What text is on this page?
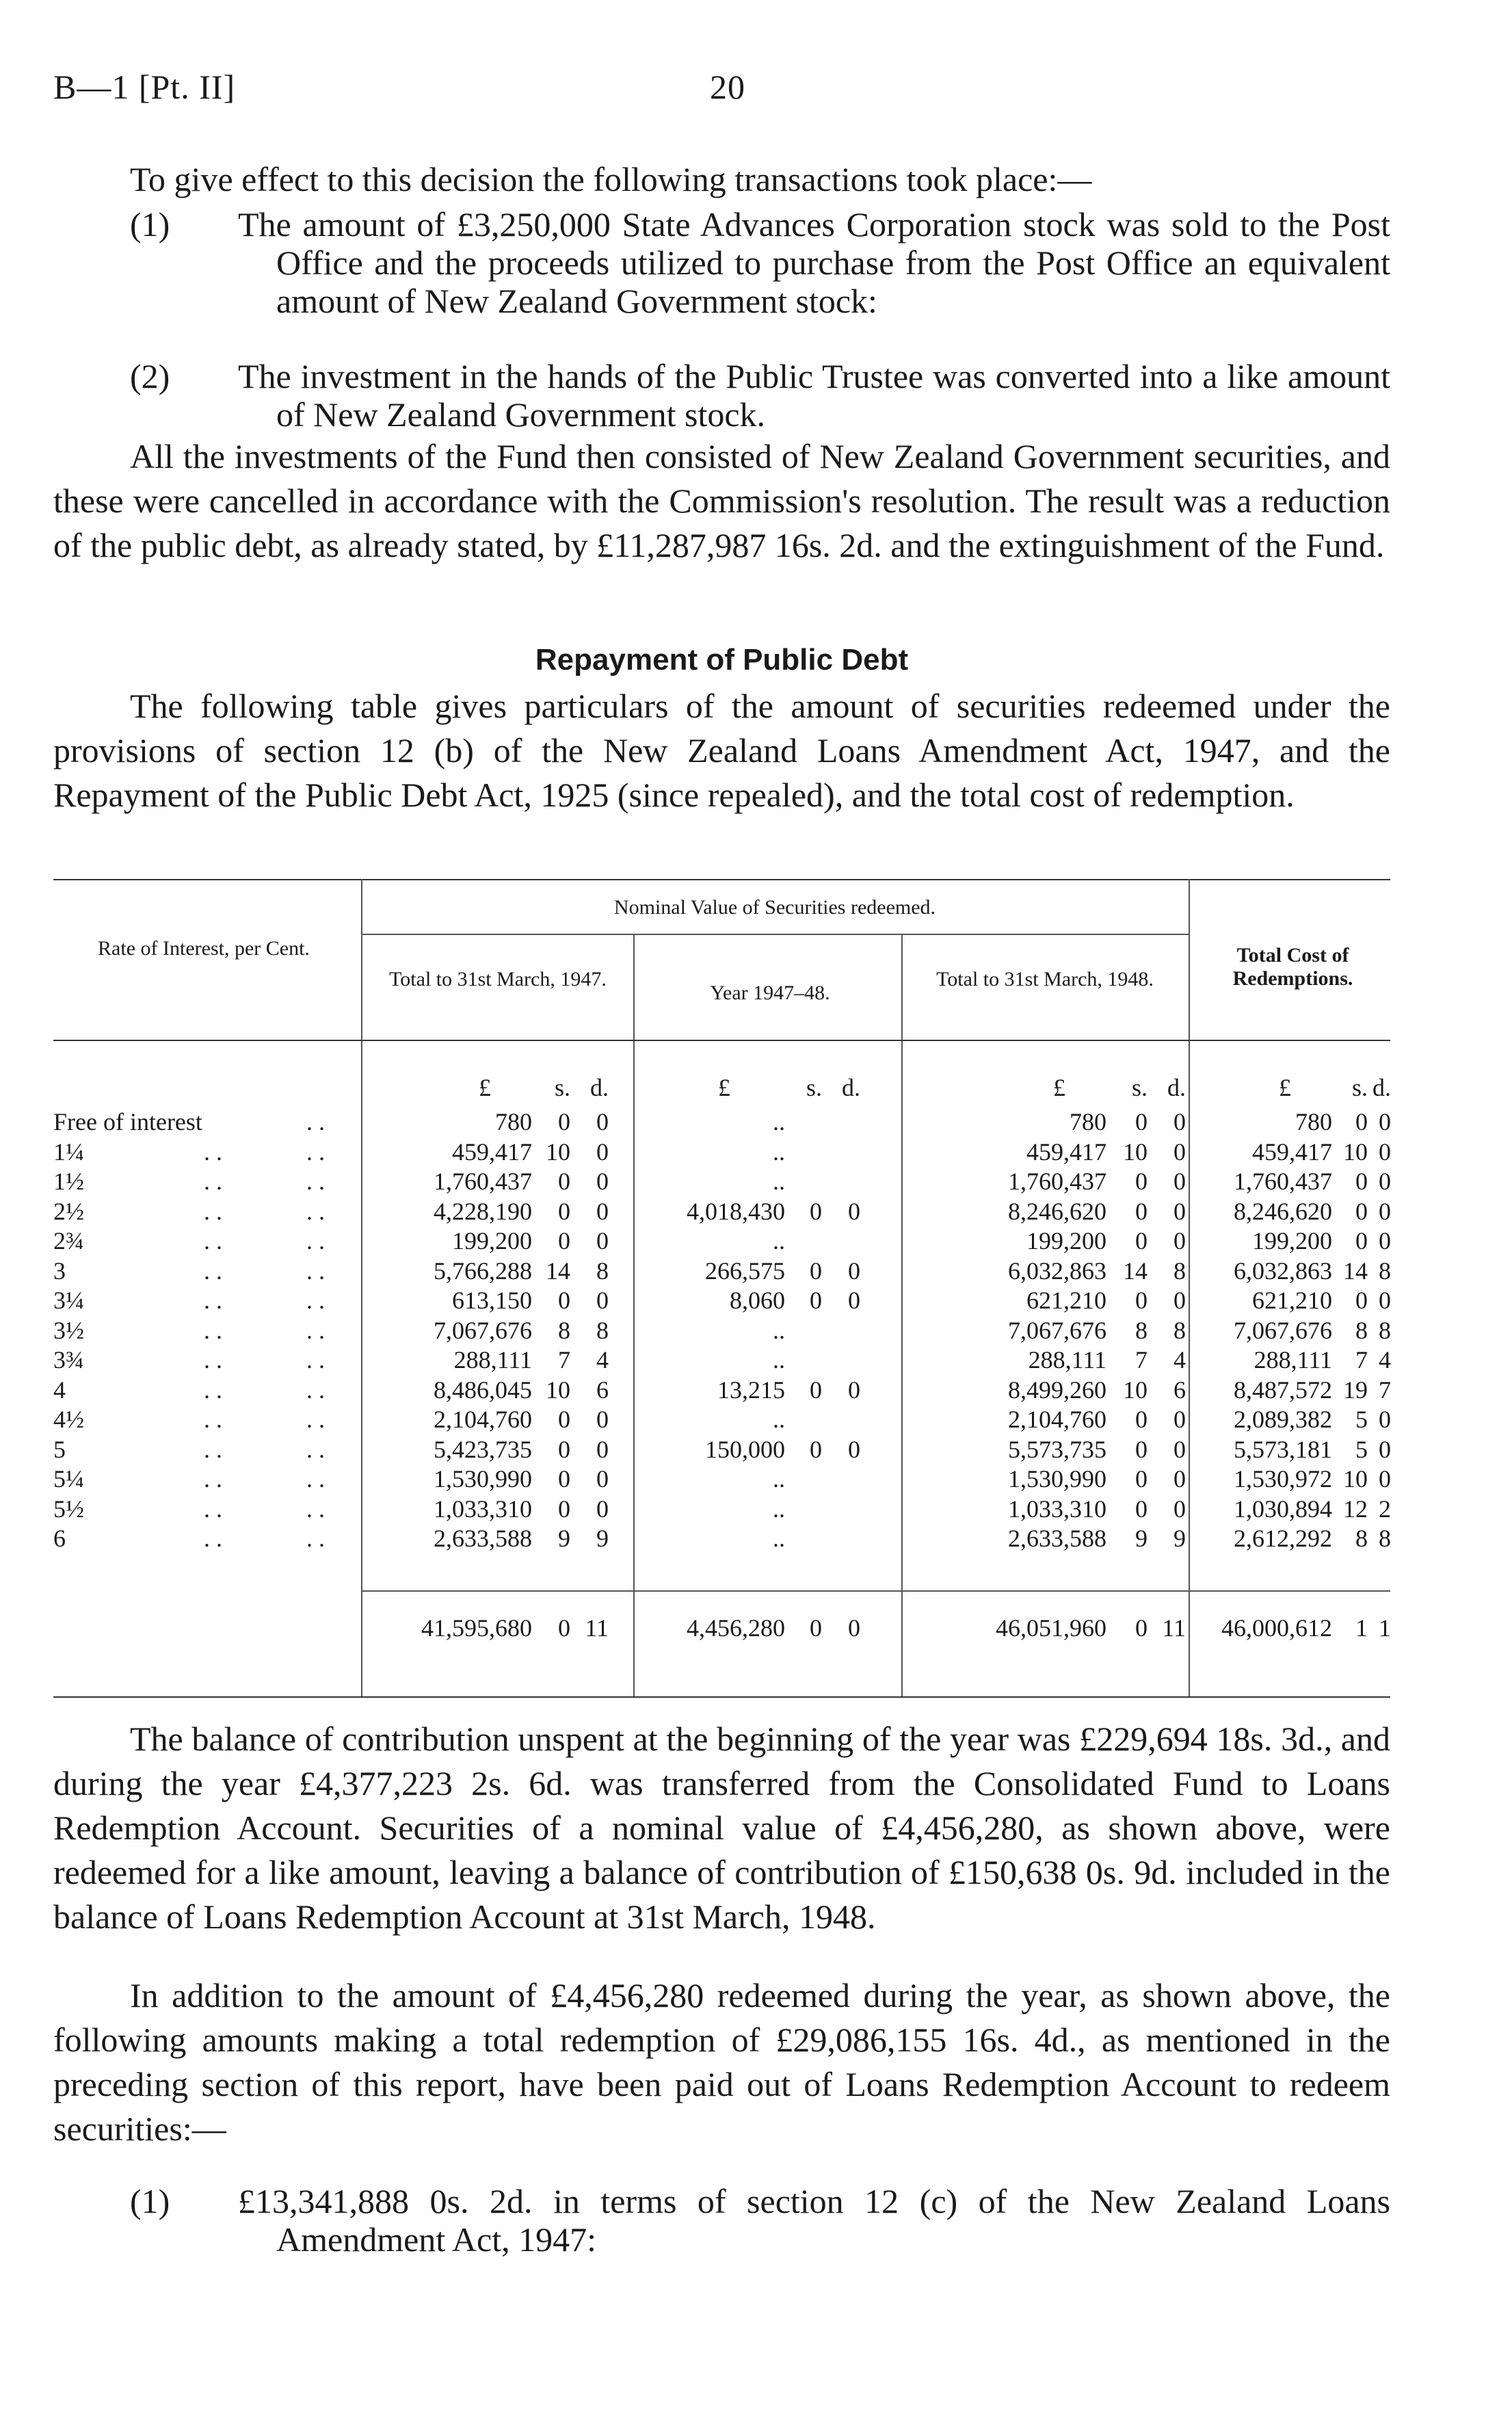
B—1 [Pt. II]	20

To give effect to this decision the following transactions took place:—

(1) The amount of £3,250,000 State Advances Corporation stock was sold to the Post Office and the proceeds utilized to purchase from the Post Office an equivalent amount of New Zealand Government stock:
(2) The investment in the hands of the Public Trustee was converted into a like amount of New Zealand Government stock.

All the investments of the Fund then consisted of New Zealand Government securities, and these were cancelled in accordance with the Commission's resolution. The result was a reduction of the public debt, as already stated, by £11,287,987 16s. 2d. and the extinguishment of the Fund.

Repayment of Public Debt

The following table gives particulars of the amount of securities redeemed under the provisions of section 12 (b) of the New Zealand Loans Amendment Act, 1947, and the Repayment of the Public Debt Act, 1925 (since repealed), and the total cost of redemption.

Rate of Interest, per Cent.
Nominal Value of Securities redeemed.
Total to 31st March, 1947.
Year 1947–48.
Total to 31st March, 1948.
Total Cost of Redemptions.
£	s. d.	£	s. d.	£	s. d.	£	s. d.
Free of interest	. .	780	0	0	..	780	0	0	780 0 0
1¼	. .	. .	459,417 10	0	..	459,417 10	0	459,417 10 0
1½	. .	. .	1,760,437	0	0	..	1,760,437	0	0	1,760,437 0 0
2½	. .	. .	4,228,190	0	0	4,018,430	0	0	8,246,620	0	0	8,246,620 0 0
2¾	. .	. .	199,200	0	0	..	199,200	0	0	199,200 0 0
3	. .	. .	5,766,288 14	8	266,575	0	0	6,032,863 14	8	6,032,863 14 8
3¼	. .	. .	613,150	0	0	8,060	0	0	621,210	0	0	621,210 0 0
3½	. .	. .	7,067,676	8	8	..	7,067,676	8	8	7,067,676 8 8
3¾	. .	. .	288,111	7	4	..	288,111	7	4	288,111 7 4
4	. .	. .	8,486,045 10	6	13,215	0	0	8,499,260 10	6	8,487,572 19 7
4½	. .	. .	2,104,760	0	0	..	2,104,760	0	0	2,089,382 5 0
5	. .	. .	5,423,735	0	0	150,000	0	0	5,573,735	0	0	5,573,181 5 0
5¼	. .	. .	1,530,990	0	0	..	1,530,990	0	0	1,530,972 10 0
5½	. .	. .	1,033,310	0	0	..	1,033,310	0	0	1,030,894 12 2
6	. .	. .	2,633,588	9	9	..	2,633,588	9	9	2,612,292 8 8
41,595,680	0 11	4,456,280	0	0	46,051,960	0 11 46,000,612 1 1

The balance of contribution unspent at the beginning of the year was £229,694 18s. 3d., and during the year £4,377,223 2s. 6d. was transferred from the Consolidated Fund to Loans Redemption Account. Securities of a nominal value of £4,456,280, as shown above, were redeemed for a like amount, leaving a balance of contribution of £150,638 0s. 9d. included in the balance of Loans Redemption Account at 31st March, 1948.

In addition to the amount of £4,456,280 redeemed during the year, as shown above, the following amounts making a total redemption of £29,086,155 16s. 4d., as mentioned in the preceding section of this report, have been paid out of Loans Redemption Account to redeem securities:—

(1) £13,341,888 0s. 2d. in terms of section 12 (c) of the New Zealand Loans Amendment Act, 1947:
